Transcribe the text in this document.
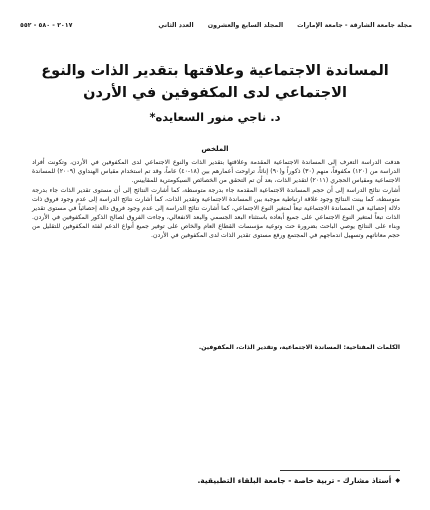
مجلة جامعة الشارقة - جامعة الإمارات
المجلد السابع والعشرون
العدد الثاني
٢٠١٧ - ٥٨٠ - ٥٥٢
المساندة الاجتماعية وعلاقتها بتقدير الذات والنوع
الاجتماعي لدى المكفوفين في الأردن
د. ناجي منور السعايده*
الملخص

هدفت الدراسة التعرف إلى المساندة الاجتماعية المقدمة وعلاقتها بتقدير الذات والنوع الاجتماعي لدى المكفوفين في الأردن، وتكونت أفراد الدراسة من (١٢٠) مكفوفاً، منهم (٣٠) ذكوراً و(٩٠) إناثاً، تراوحت أعمارهم بين (١٨-٤٠) عاماً، وقد تم استخدام مقياس الهنداوي (٢٠٠٩) للمساندة الاجتماعية ومقياس الحجري (٢٠١١) لتقدير الذات، بعد أن تم التحقق من الخصائص السيكومترية للمقاييس.

أشارت نتائج الدراسة إلى أن حجم المساندة الاجتماعية المقدمة جاء بدرجة متوسطة، كما أشارت النتائج إلى أن مستوى تقدير الذات جاء بدرجة متوسطة، كما بينت النتائج وجود علاقة ارتباطية موجبة بين المساندة الاجتماعية وتقدير الذات، كما أشارت نتائج الدراسة إلى عدم وجود فروق ذات دلالة إحصائية في المساندة الاجتماعية تبعاً لمتغير النوع الاجتماعي، كما أشارت نتائج الدراسة إلى عدم وجود فروق دالة إحصائياً في مستوى تقدير الذات تبعاً لمتغير النوع الاجتماعي على جميع أبعاده باستثناء البعد الجسمي والبعد الانفعالي، وجاءت الفروق لصالح الذكور المكفوفين في الأردن. وبناء على النتائج يوصي الباحث بضرورة حث وتوعية مؤسسات القطاع العام والخاص على توفير جميع أنواع الدعم لفئة المكفوفين للتقليل من حجم معاناتهم وتسهيل اندماجهم في المجتمع ورفع مستوى تقدير الذات لدى المكفوفين في الأردن.

الكلمات المفتاحية: المساندة الاجتماعية، وتقدير الذات، المكفوفين.
◆
أستاذ مشارك - تربية خاصة - جامعة البلقاء التطبيقية.
